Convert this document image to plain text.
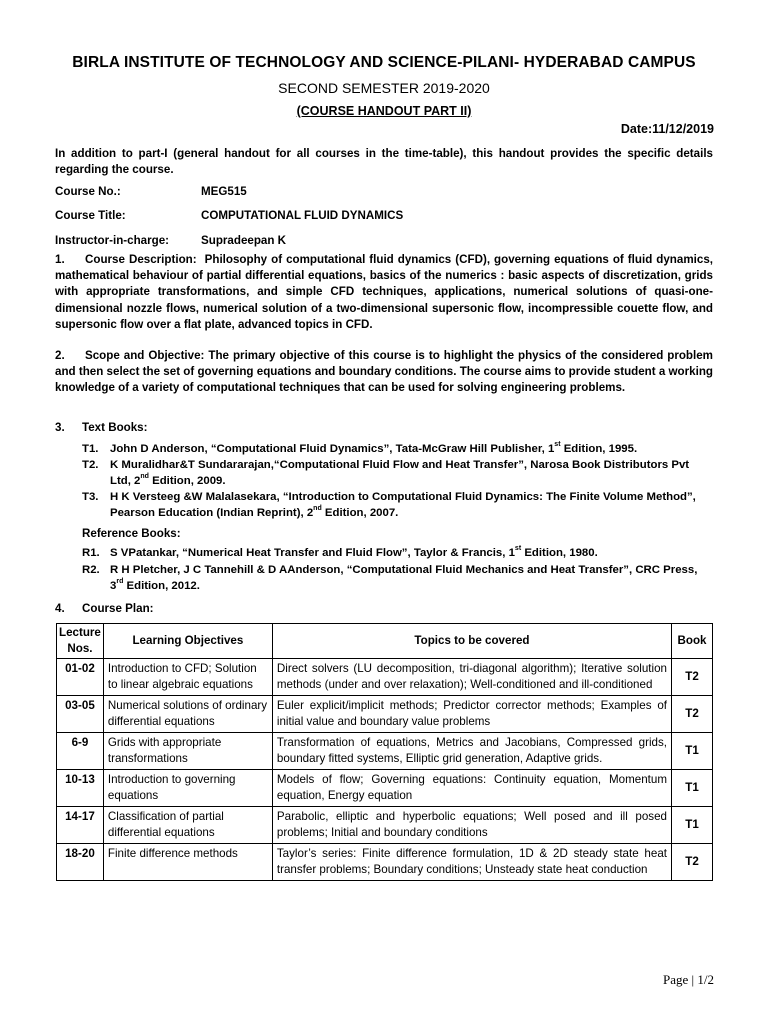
BIRLA INSTITUTE OF TECHNOLOGY AND SCIENCE-PILANI- HYDERABAD CAMPUS
SECOND SEMESTER 2019-2020
(COURSE HANDOUT PART II)
Date:11/12/2019
In addition to part-I (general handout for all courses in the time-table), this handout provides the specific details regarding the course.
Course No.:	MEG515
Course Title:	COMPUTATIONAL FLUID DYNAMICS
Instructor-in-charge:	Supradeepan K
1. Course Description: Philosophy of computational fluid dynamics (CFD), governing equations of fluid dynamics, mathematical behaviour of partial differential equations, basics of the numerics : basic aspects of discretization, grids with appropriate transformations, and simple CFD techniques, applications, numerical solutions of quasi-one-dimensional nozzle flows, numerical solution of a two-dimensional supersonic flow, incompressible couette flow, and supersonic flow over a flat plate, advanced topics in CFD.
2. Scope and Objective: The primary objective of this course is to highlight the physics of the considered problem and then select the set of governing equations and boundary conditions. The course aims to provide student a working knowledge of a variety of computational techniques that can be used for solving engineering problems.
3. Text Books:
T1.	John D Anderson, “Computational Fluid Dynamics”, Tata-McGraw Hill Publisher, 1st Edition, 1995.
T2.	K Muralidhar&T Sundararajan,“Computational Fluid Flow and Heat Transfer”, Narosa Book Distributors Pvt Ltd, 2nd Edition, 2009.
T3.	H K Versteeg &W Malalasekara, “Introduction to Computational Fluid Dynamics: The Finite Volume Method”, Pearson Education (Indian Reprint), 2nd Edition, 2007.
Reference Books:
R1. S VPatankar, “Numerical Heat Transfer and Fluid Flow”, Taylor & Francis, 1st Edition, 1980.
R2. R H Pletcher, J C Tannehill & D AAnderson, “Computational Fluid Mechanics and Heat Transfer”, CRC Press, 3rd Edition, 2012.
4. Course Plan:
Lecture Nos.	Learning Objectives	Topics to be covered	Book
01-02	Introduction to CFD; Solution to linear algebraic equations	Direct solvers (LU decomposition, tri-diagonal algorithm); Iterative solution methods (under and over relaxation); Well-conditioned and ill-conditioned	T2
03-05	Numerical solutions of ordinary differential equations	Euler explicit/implicit methods; Predictor corrector methods; Examples of initial value and boundary value problems	T2
6-9	Grids with appropriate transformations	Transformation of equations, Metrics and Jacobians, Compressed grids, boundary fitted systems, Elliptic grid generation, Adaptive grids.	T1
10-13	Introduction to governing equations	Models of flow; Governing equations: Continuity equation, Momentum equation, Energy equation	T1
14-17	Classification of partial differential equations	Parabolic, elliptic and hyperbolic equations; Well posed and ill posed problems; Initial and boundary conditions	T1
18-20	Finite difference methods	Taylor’s series: Finite difference formulation, 1D & 2D steady state heat transfer problems; Boundary conditions; Unsteady state heat conduction	T2
Page | 1/2
